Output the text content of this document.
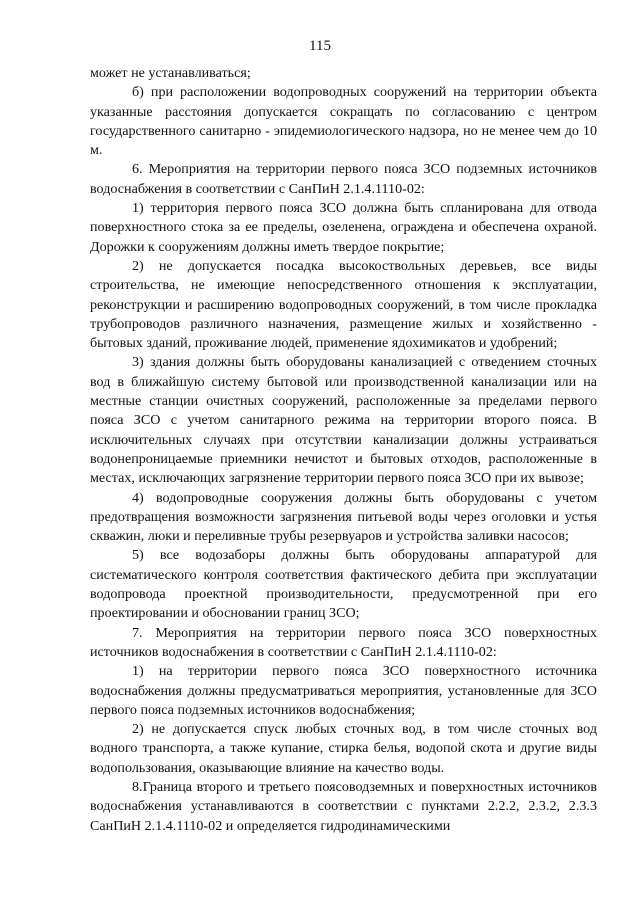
115

может не устанавливаться;

б) при расположении водопроводных сооружений на территории объекта указанные расстояния допускается сокращать по согласованию с центром государственного санитарно - эпидемиологического надзора, но не менее чем до 10 м.

6. Мероприятия на территории первого пояса ЗСО подземных источников водоснабжения в соответствии с СанПиН 2.1.4.1110-02:

1) территория первого пояса ЗСО должна быть спланирована для отвода поверхностного стока за ее пределы, озеленена, ограждена и обеспечена охраной. Дорожки к сооружениям должны иметь твердое покрытие;

2) не допускается посадка высокоствольных деревьев, все виды строительства, не имеющие непосредственного отношения к эксплуатации, реконструкции и расширению водопроводных сооружений, в том числе прокладка трубопроводов различного назначения, размещение жилых и хозяйственно - бытовых зданий, проживание людей, применение ядохимикатов и удобрений;

3) здания должны быть оборудованы канализацией с отведением сточных вод в ближайшую систему бытовой или производственной канализации или на местные станции очистных сооружений, расположенные за пределами первого пояса ЗСО с учетом санитарного режима на территории второго пояса. В исключительных случаях при отсутствии канализации должны устраиваться водонепроницаемые приемники нечистот и бытовых отходов, расположенные в местах, исключающих загрязнение территории первого пояса ЗСО при их вывозе;

4) водопроводные сооружения должны быть оборудованы с учетом предотвращения возможности загрязнения питьевой воды через оголовки и устья скважин, люки и переливные трубы резервуаров и устройства заливки насосов;

5) все водозаборы должны быть оборудованы аппаратурой для систематического контроля соответствия фактического дебита при эксплуатации водопровода проектной производительности, предусмотренной при его проектировании и обосновании границ ЗСО;

7. Мероприятия на территории первого пояса ЗСО поверхностных источников водоснабжения в соответствии с СанПиН 2.1.4.1110-02:

1) на территории первого пояса ЗСО поверхностного источника водоснабжения должны предусматриваться мероприятия, установленные для ЗСО первого пояса подземных источников водоснабжения;

2) не допускается спуск любых сточных вод, в том числе сточных вод водного транспорта, а также купание, стирка белья, водопой скота и другие виды водопользования, оказывающие влияние на качество воды.

8.Граница второго и третьего поясоводземных и поверхностных источников водоснабжения устанавливаются в соответствии с пунктами 2.2.2, 2.3.2, 2.3.3 СанПиН 2.1.4.1110-02 и определяется гидродинамическими
